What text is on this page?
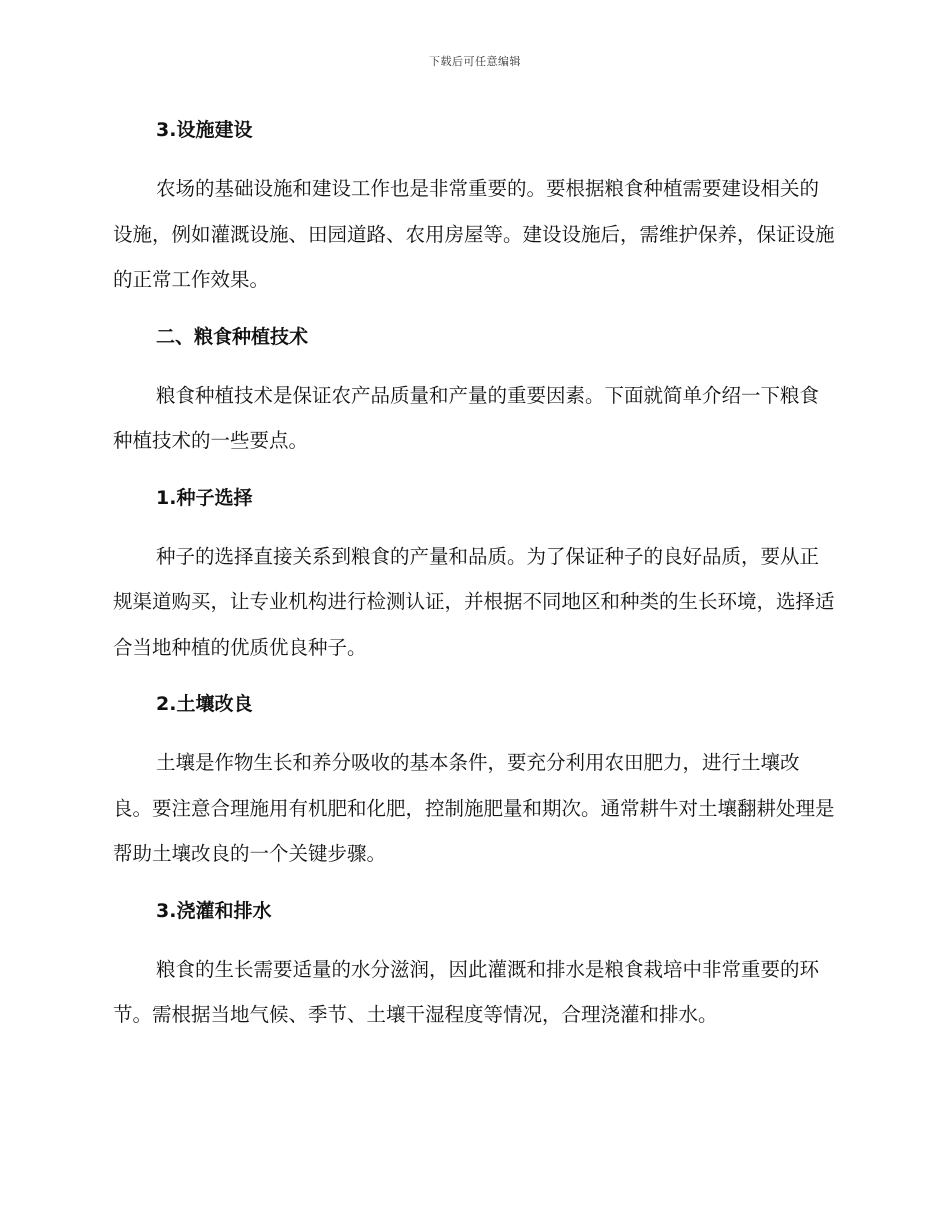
下载后可任意编辑
3.设施建设
农场的基础设施和建设工作也是非常重要的。要根据粮食种植需要建设相关的设施，例如灌溉设施、田园道路、农用房屋等。建设设施后，需维护保养，保证设施的正常工作效果。
二、粮食种植技术
粮食种植技术是保证农产品质量和产量的重要因素。下面就简单介绍一下粮食种植技术的一些要点。
1.种子选择
种子的选择直接关系到粮食的产量和品质。为了保证种子的良好品质，要从正规渠道购买，让专业机构进行检测认证，并根据不同地区和种类的生长环境，选择适合当地种植的优质优良种子。
2.土壤改良
土壤是作物生长和养分吸收的基本条件，要充分利用农田肥力，进行土壤改良。要注意合理施用有机肥和化肥，控制施肥量和期次。通常耕牛对土壤翻耕处理是帮助土壤改良的一个关键步骤。
3.浇灌和排水
粮食的生长需要适量的水分滋润，因此灌溉和排水是粮食栽培中非常重要的环节。需根据当地气候、季节、土壤干湿程度等情况，合理浇灌和排水。
